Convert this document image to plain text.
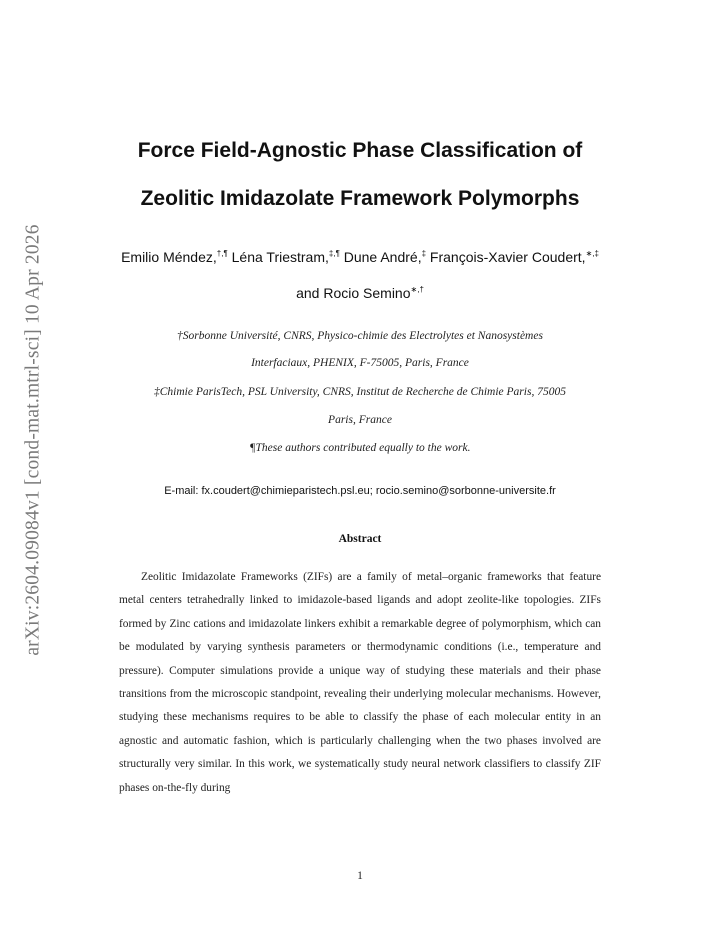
arXiv:2604.09084v1 [cond-mat.mtrl-sci] 10 Apr 2026
Force Field-Agnostic Phase Classification of
Zeolitic Imidazolate Framework Polymorphs
Emilio Méndez,†,¶ Léna Triestram,‡,¶ Dune André,‡ François-Xavier Coudert,∗,‡
and Rocio Semino∗,†
†Sorbonne Université, CNRS, Physico-chimie des Electrolytes et Nanosystèmes
Interfaciaux, PHENIX, F-75005, Paris, France
‡Chimie ParisTech, PSL University, CNRS, Institut de Recherche de Chimie Paris, 75005
Paris, France
¶These authors contributed equally to the work.
E-mail: fx.coudert@chimieparistech.psl.eu; rocio.semino@sorbonne-universite.fr
Abstract

Zeolitic Imidazolate Frameworks (ZIFs) are a family of metal–organic frameworks that feature metal centers tetrahedrally linked to imidazole-based ligands and adopt zeolite-like topologies. ZIFs formed by Zinc cations and imidazolate linkers exhibit a remarkable degree of polymorphism, which can be modulated by varying synthesis parameters or thermodynamic conditions (i.e., temperature and pressure). Computer simulations provide a unique way of studying these materials and their phase transitions from the microscopic standpoint, revealing their underlying molecular mechanisms. However, studying these mechanisms requires to be able to classify the phase of each molecular entity in an agnostic and automatic fashion, which is particularly challenging when the two phases involved are structurally very similar. In this work, we systematically study neural network classifiers to classify ZIF phases on-the-fly during

1
